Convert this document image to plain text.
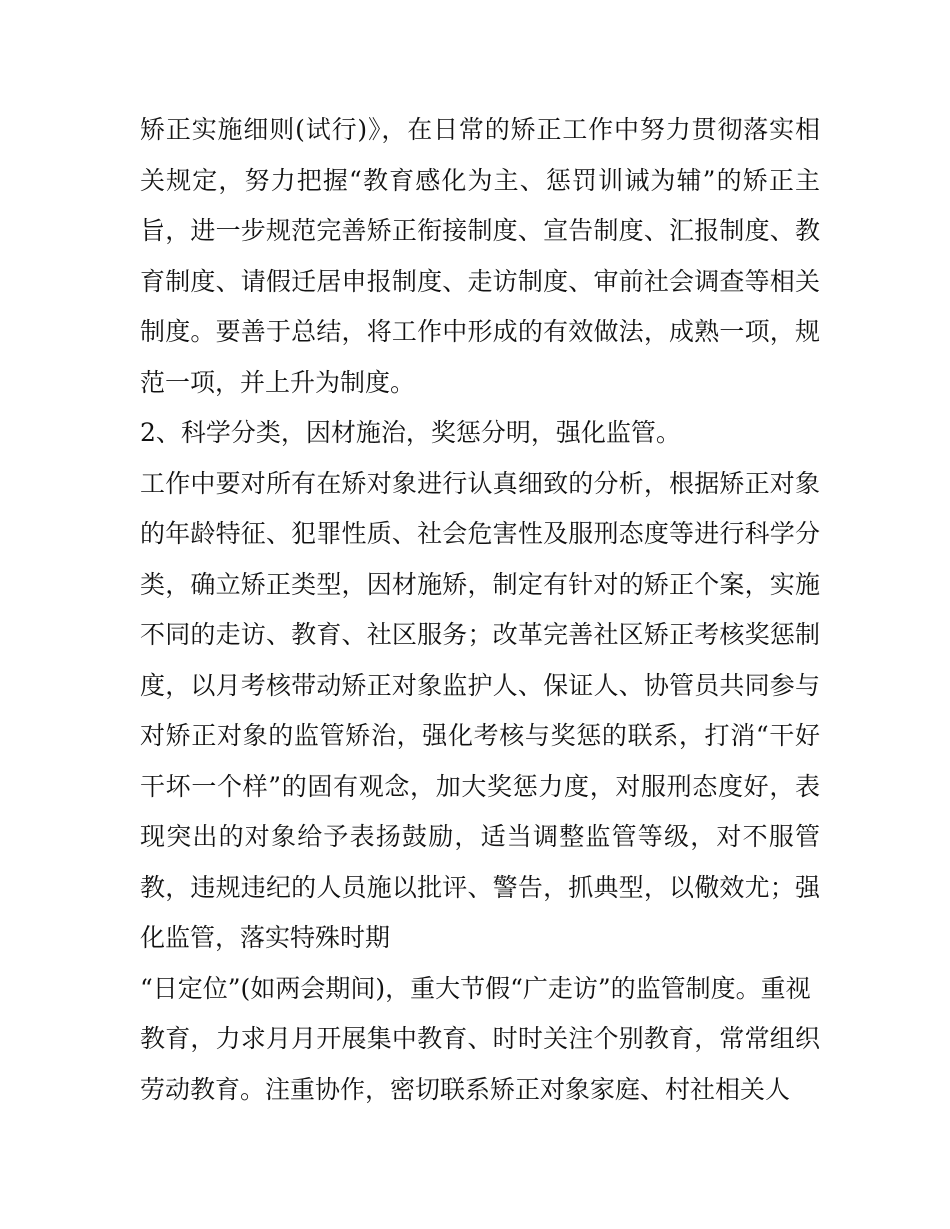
矫正实施细则(试行)》，在日常的矫正工作中努力贯彻落实相
关规定，努力把握“教育感化为主、惩罚训诫为辅”的矫正主
旨，进一步规范完善矫正衔接制度、宣告制度、汇报制度、教
育制度、请假迁居申报制度、走访制度、审前社会调查等相关
制度。要善于总结，将工作中形成的有效做法，成熟一项，规
范一项，并上升为制度。
2、科学分类，因材施治，奖惩分明，强化监管。
工作中要对所有在矫对象进行认真细致的分析，根据矫正对象
的年龄特征、犯罪性质、社会危害性及服刑态度等进行科学分
类，确立矫正类型，因材施矫，制定有针对的矫正个案，实施
不同的走访、教育、社区服务；改革完善社区矫正考核奖惩制
度，以月考核带动矫正对象监护人、保证人、协管员共同参与
对矫正对象的监管矫治，强化考核与奖惩的联系，打消“干好
干坏一个样”的固有观念，加大奖惩力度，对服刑态度好，表
现突出的对象给予表扬鼓励，适当调整监管等级，对不服管
教，违规违纪的人员施以批评、警告，抓典型，以儆效尤；强
化监管，落实特殊时期
“日定位”(如两会期间)，重大节假“广走访”的监管制度。重视
教育，力求月月开展集中教育、时时关注个别教育，常常组织
劳动教育。注重协作，密切联系矫正对象家庭、村社相关人
